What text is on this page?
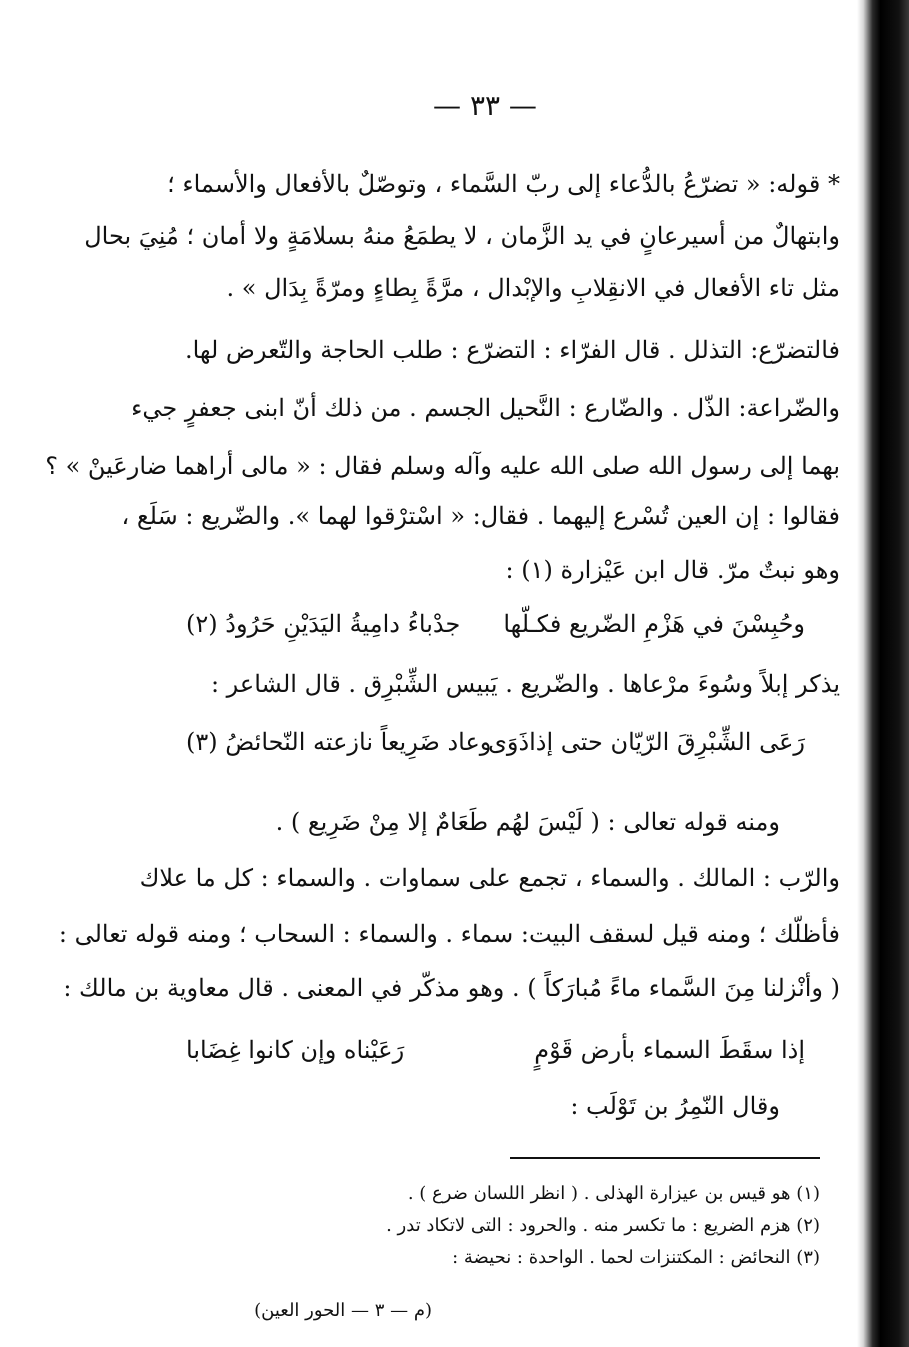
— ٣٣ —
* قوله: « تضرّعُ بالدُّعاء إلى ربّ السَّماء ، وتوصّلٌ بالأفعال والأسماء ؛
وابتهالٌ من أسيرعانٍ في يد الزَّمان ، لا يطمَعُ منهُ بسلامَةٍ ولا أمان ؛ مُنِيَ بحال
مثل تاء الأفعال في الانقِلابِ والإبْدال ، مرَّةً بِطاءٍ ومرّةً بِدَال » .
فالتضرّع: التذلل . قال الفرّاء : التضرّع : طلب الحاجة والتّعرض لها.
والضّراعة: الذّل . والضّارع : النَّحيل الجسم . من ذلك أنّ ابنى جعفرٍ جيء
بهما إلى رسول الله صلى الله عليه وآله وسلم فقال : « مالى أراهما ضارعَينْ » ؟
فقالوا : إن العين تُسْرع إليهما . فقال: « اسْترْقوا لهما ». والضّريع : سَلَع ،
وهو نبتٌ مرّ. قال ابن عَيْزارة (١) :
وحُبِسْنَ في هَزْمِ الضّريع فكـلّها
جدْباءُ دامِيةُ اليَدَيْنِ حَرُودُ (٢)
يذكر إبلاً وسُوءَ مرْعاها . والضّريع . يَبيس الشِّبْرِق . قال الشاعر :
رَعَى الشِّبْرِقَ الرّيّان حتى إذاذَوَى
وعاد ضَرِيعاً نازعته النّحائضُ (٣)
ومنه قوله تعالى : ( لَيْسَ لهُم طَعَامٌ إلا مِنْ ضَرِيع ) .
والرّب : المالك . والسماء ، تجمع على سماوات . والسماء : كل ما علاك
فأظلّك ؛ ومنه قيل لسقف البيت: سماء . والسماء : السحاب ؛ ومنه قوله تعالى :
( وأنْزلنا مِنَ السَّماء ماءً مُبارَكاً ) . وهو مذكّر في المعنى . قال معاوية بن مالك :
إذا سقَطَ السماء بأرض قَوْمٍ
رَعَيْناه وإن كانوا غِضَابا
وقال النّمِرُ بن تَوْلَب :
(١) هو قيس بن عيزارة الهذلى . ( انظر اللسان ضرع ) .
(٢) هزم الضريع : ما تكسر منه . والحرود : التى لاتكاد تدر .
(٣) النحائض : المكتنزات لحما . الواحدة : نحيضة :
(م — ٣ — الحور العين)
